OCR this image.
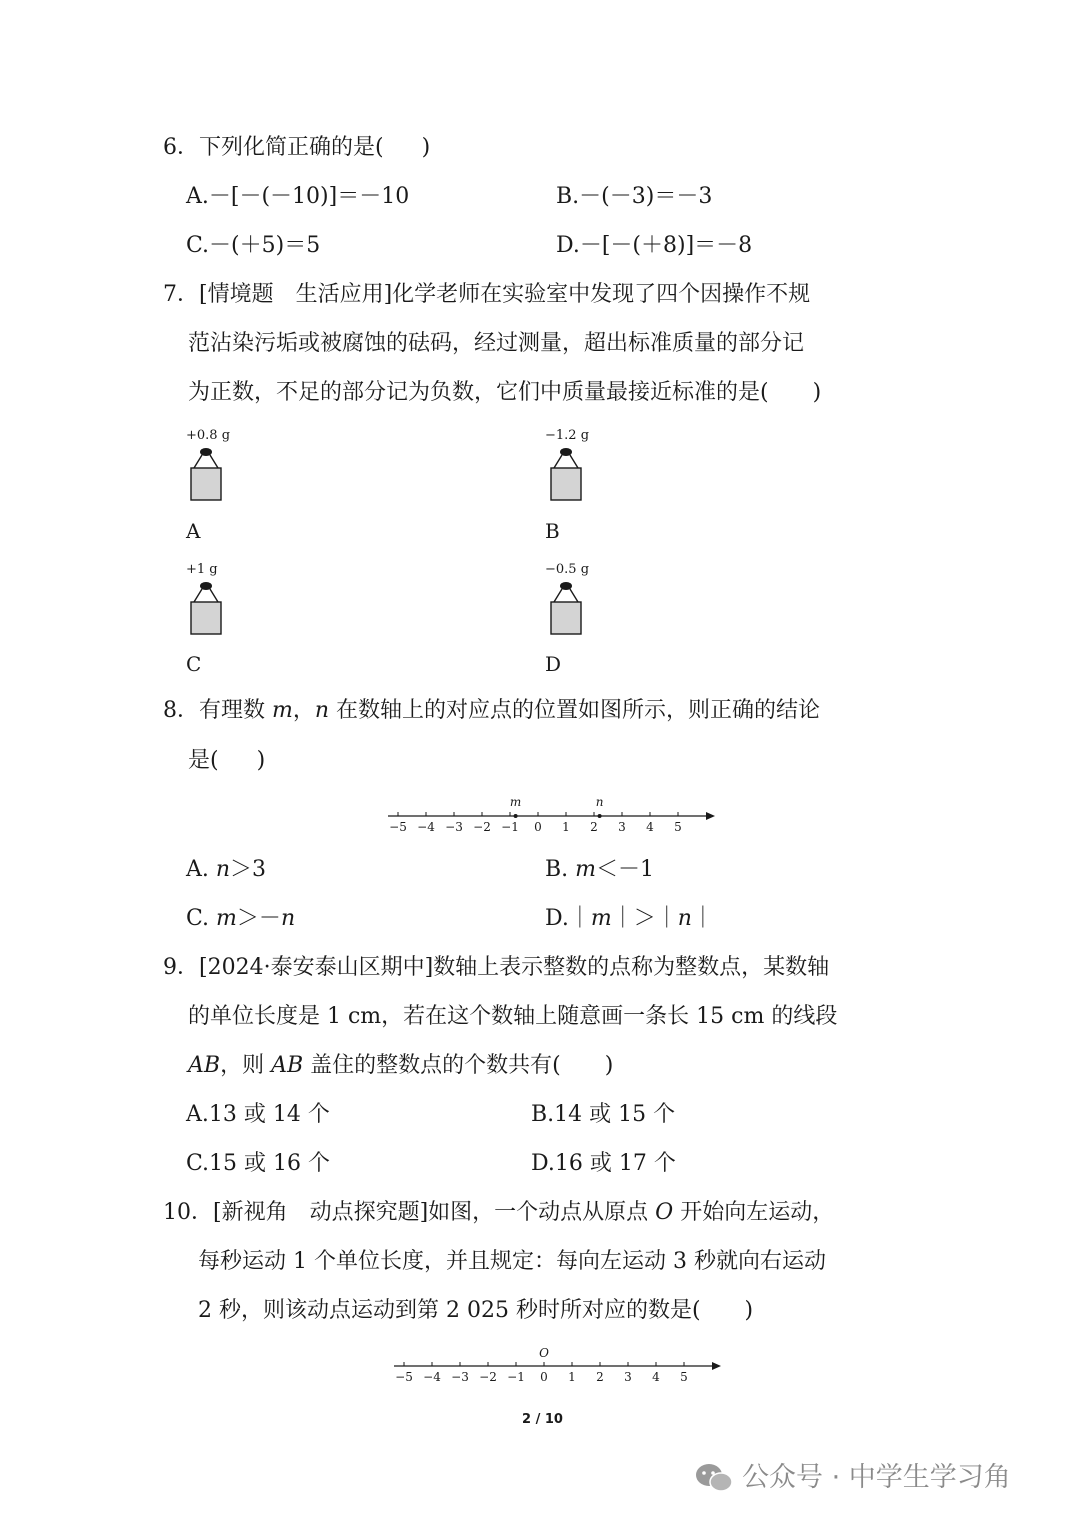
6．下列化简正确的是( )
A.－[－(－10)]＝－10	B.－(－3)＝－3
C.－(＋5)＝5	D.－[－(＋8)]＝－8
7．[情境题　生活应用]化学老师在实验室中发现了四个因操作不规
范沾染污垢或被腐蚀的砝码，经过测量，超出标准质量的部分记
为正数，不足的部分记为负数，它们中质量最接近标准的是( )
+0.8 g
A
−1.2 g
B
+1 g
C
−0.5 g
D
8．有理数 m，n 在数轴上的对应点的位置如图所示，则正确的结论
是( )
−5 −4 −3 −2 −1 0 1 2 3 4 5
m	n
A. n＞3	B. m＜－1
C. m＞－n	D.｜m｜＞｜n｜
9．[2024·泰安泰山区期中]数轴上表示整数的点称为整数点，某数轴
的单位长度是 1 cm，若在这个数轴上随意画一条长 15 cm 的线段
AB，则 AB 盖住的整数点的个数共有( )
A.13 或 14 个	B.14 或 15 个
C.15 或 16 个	D.16 或 17 个
10．[新视角　动点探究题]如图，一个动点从原点 O 开始向左运动，
每秒运动 1 个单位长度，并且规定：每向左运动 3 秒就向右运动
2 秒，则该动点运动到第 2 025 秒时所对应的数是( )
−5 −4 −3 −2 −1 0 1 2 3 4 5
O
2 / 10
公众号 · 中学生学习角
